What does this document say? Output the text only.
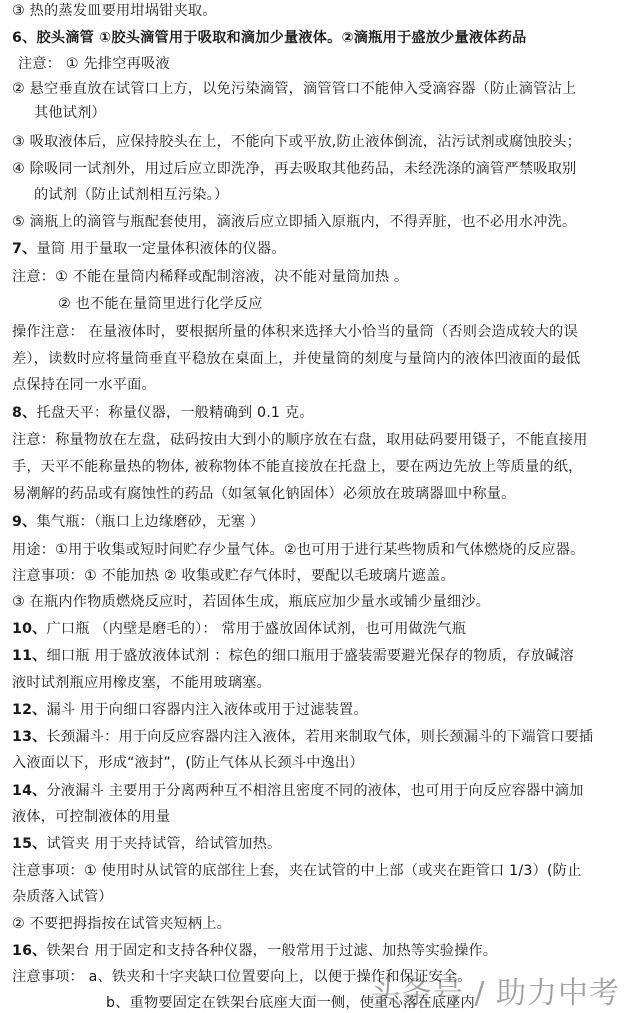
③ 热的蒸发皿要用坩埚钳夹取。
6、胶头滴管 ①胶头滴管用于吸取和滴加少量液体。②滴瓶用于盛放少量液体药品
注意： ① 先排空再吸液
② 悬空垂直放在试管口上方，以免污染滴管，滴管管口不能伸入受滴容器（防止滴管沾上
其他试剂）
③ 吸取液体后，应保持胶头在上，不能向下或平放,防止液体倒流，沾污试剂或腐蚀胶头；
④ 除吸同一试剂外，用过后应立即洗净，再去吸取其他药品，未经洗涤的滴管严禁吸取别
的试剂（防止试剂相互污染。）
⑤ 滴瓶上的滴管与瓶配套使用，滴液后应立即插入原瓶内，不得弄脏，也不必用水冲洗。
7、量筒 用于量取一定量体积液体的仪器。
注意：① 不能在量筒内稀释或配制溶液，决不能对量筒加热 。
② 也不能在量筒里进行化学反应
操作注意： 在量液体时，要根据所量的体积来选择大小恰当的量筒（否则会造成较大的误
差），读数时应将量筒垂直平稳放在桌面上，并使量筒的刻度与量筒内的液体凹液面的最低
点保持在同一水平面。
8、托盘天平：称量仪器，一般精确到 0.1 克。
注意：称量物放在左盘，砝码按由大到小的顺序放在右盘，取用砝码要用镊子，不能直接用
手，天平不能称量热的物体, 被称物体不能直接放在托盘上，要在两边先放上等质量的纸，
易潮解的药品或有腐蚀性的药品（如氢氧化钠固体）必须放在玻璃器皿中称量。
9、集气瓶：（瓶口上边缘磨砂，无塞 ）
用途：①用于收集或短时间贮存少量气体。②也可用于进行某些物质和气体燃烧的反应器。
注意事项：① 不能加热 ② 收集或贮存气体时，要配以毛玻璃片遮盖。
③ 在瓶内作物质燃烧反应时，若固体生成，瓶底应加少量水或铺少量细沙。
10、广口瓶 （内壁是磨毛的）： 常用于盛放固体试剂，也可用做洗气瓶
11、细口瓶 用于盛放液体试剂 ：棕色的细口瓶用于盛装需要避光保存的物质，存放碱溶
液时试剂瓶应用橡皮塞，不能用玻璃塞。
12、漏斗 用于向细口容器内注入液体或用于过滤装置。
13、长颈漏斗：用于向反应容器内注入液体，若用来制取气体，则长颈漏斗的下端管口要插
入液面以下，形成“液封”，(防止气体从长颈斗中逸出）
14、分液漏斗 主要用于分离两种互不相溶且密度不同的液体，也可用于向反应容器中滴加
液体，可控制液体的用量
15、试管夹 用于夹持试管，给试管加热。
注意事项：① 使用时从试管的底部往上套，夹在试管的中上部（或夹在距管口 1/3）(防止
杂质落入试管）
② 不要把拇指按在试管夹短柄上。
16、铁架台 用于固定和支持各种仪器，一般常用于过滤、加热等实验操作。
注意事项： a、铁夹和十字夹缺口位置要向上，以便于操作和保证安全。
b、重物要固定在铁架台底座大面一侧，使重心落在底座内
头条号 / 助力中考
